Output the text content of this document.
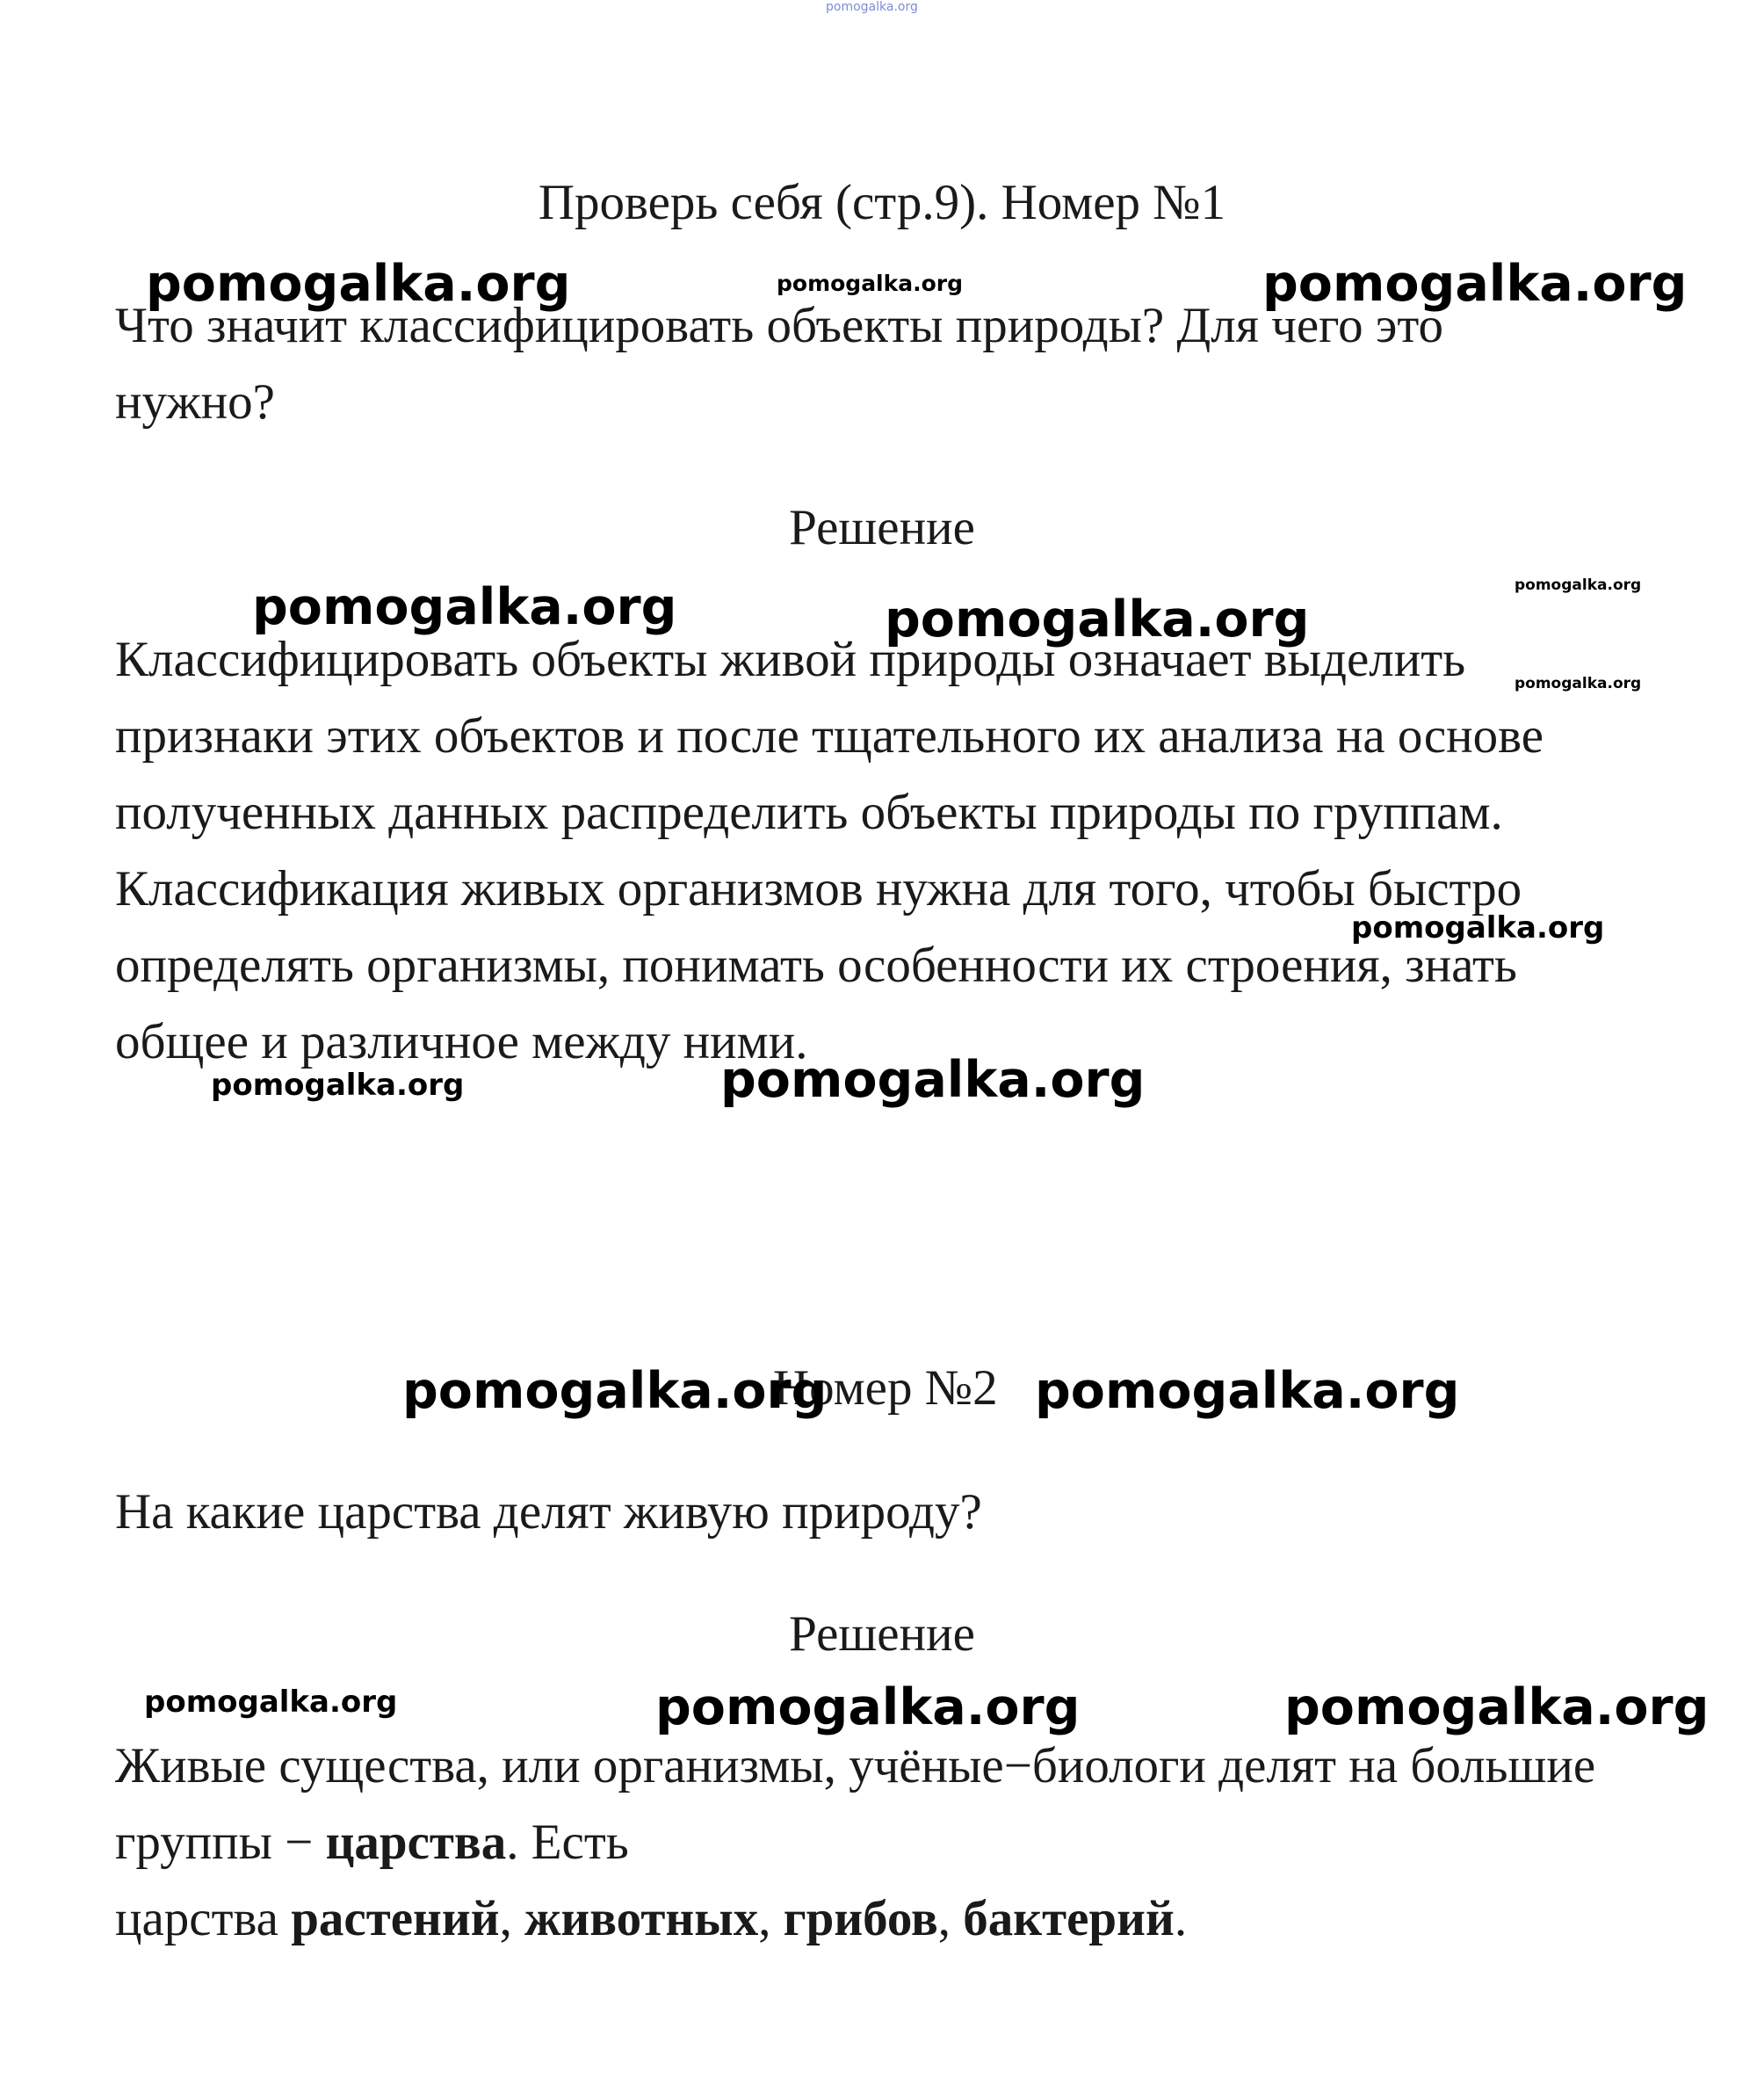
pomogalka.org
pomogalka.org	pomogalka.org	pomogalka.org
pomogalka.org
pomogalka.org	pomogalka.org
pomogalka.org
pomogalka.org
pomogalka.org	pomogalka.org
pomogalka.org	pomogalka.org
pomogalka.org	pomogalka.org	pomogalka.org
Проверь себя (стр.9). Номер №1
Что значит классифицировать объекты природы? Для чего это
нужно?
Решение
Классифицировать объекты живой природы означает выделить
признаки этих объектов и после тщательного их анализа на основе
полученных данных распределить объекты природы по группам.
Классификация живых организмов нужна для того, чтобы быстро
определять организмы, понимать особенности их строения, знать
общее и различное между ними.
Номер №2
На какие царства делят живую природу?
Решение
Живые существа, или организмы, учёные−биологи делят на большие
группы − царства. Есть
царства растений, животных, грибов, бактерий.
